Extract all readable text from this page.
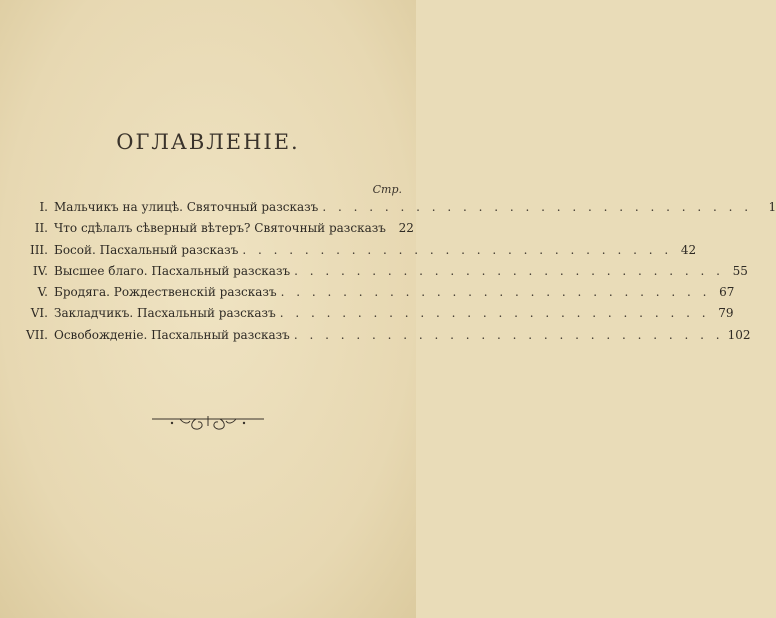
ОГЛАВЛЕНІЕ.
Стр.
I. Мальчикъ на улицѣ. Святочный разсказъ . . . . . . . . . . . . . . . . . . . . . . . . . . . .	1
II. Что сдѣлалъ сѣверный вѣтеръ? Святочный разсказъ	22
III. Босой. Пасхальный разсказъ . . . . . . . . . . . . . . . . . . . . . . . . . . . . 42
IV. Высшее благо. Пасхальный разсказъ . . . . . . . . . . . . . . . . . . . . . . . . . . . . 55
V. Бродяга. Рождественскій разсказъ . . . . . . . . . . . . . . . . . . . . . . . . . . . . 67
VI. Закладчикъ. Пасхальный разсказъ . . . . . . . . . . . . . . . . . . . . . . . . . . . . 79
VII. Освобожденіе. Пасхальный разсказъ . . . . . . . . . . . . . . . . . . . . . . . . . . . . 102
